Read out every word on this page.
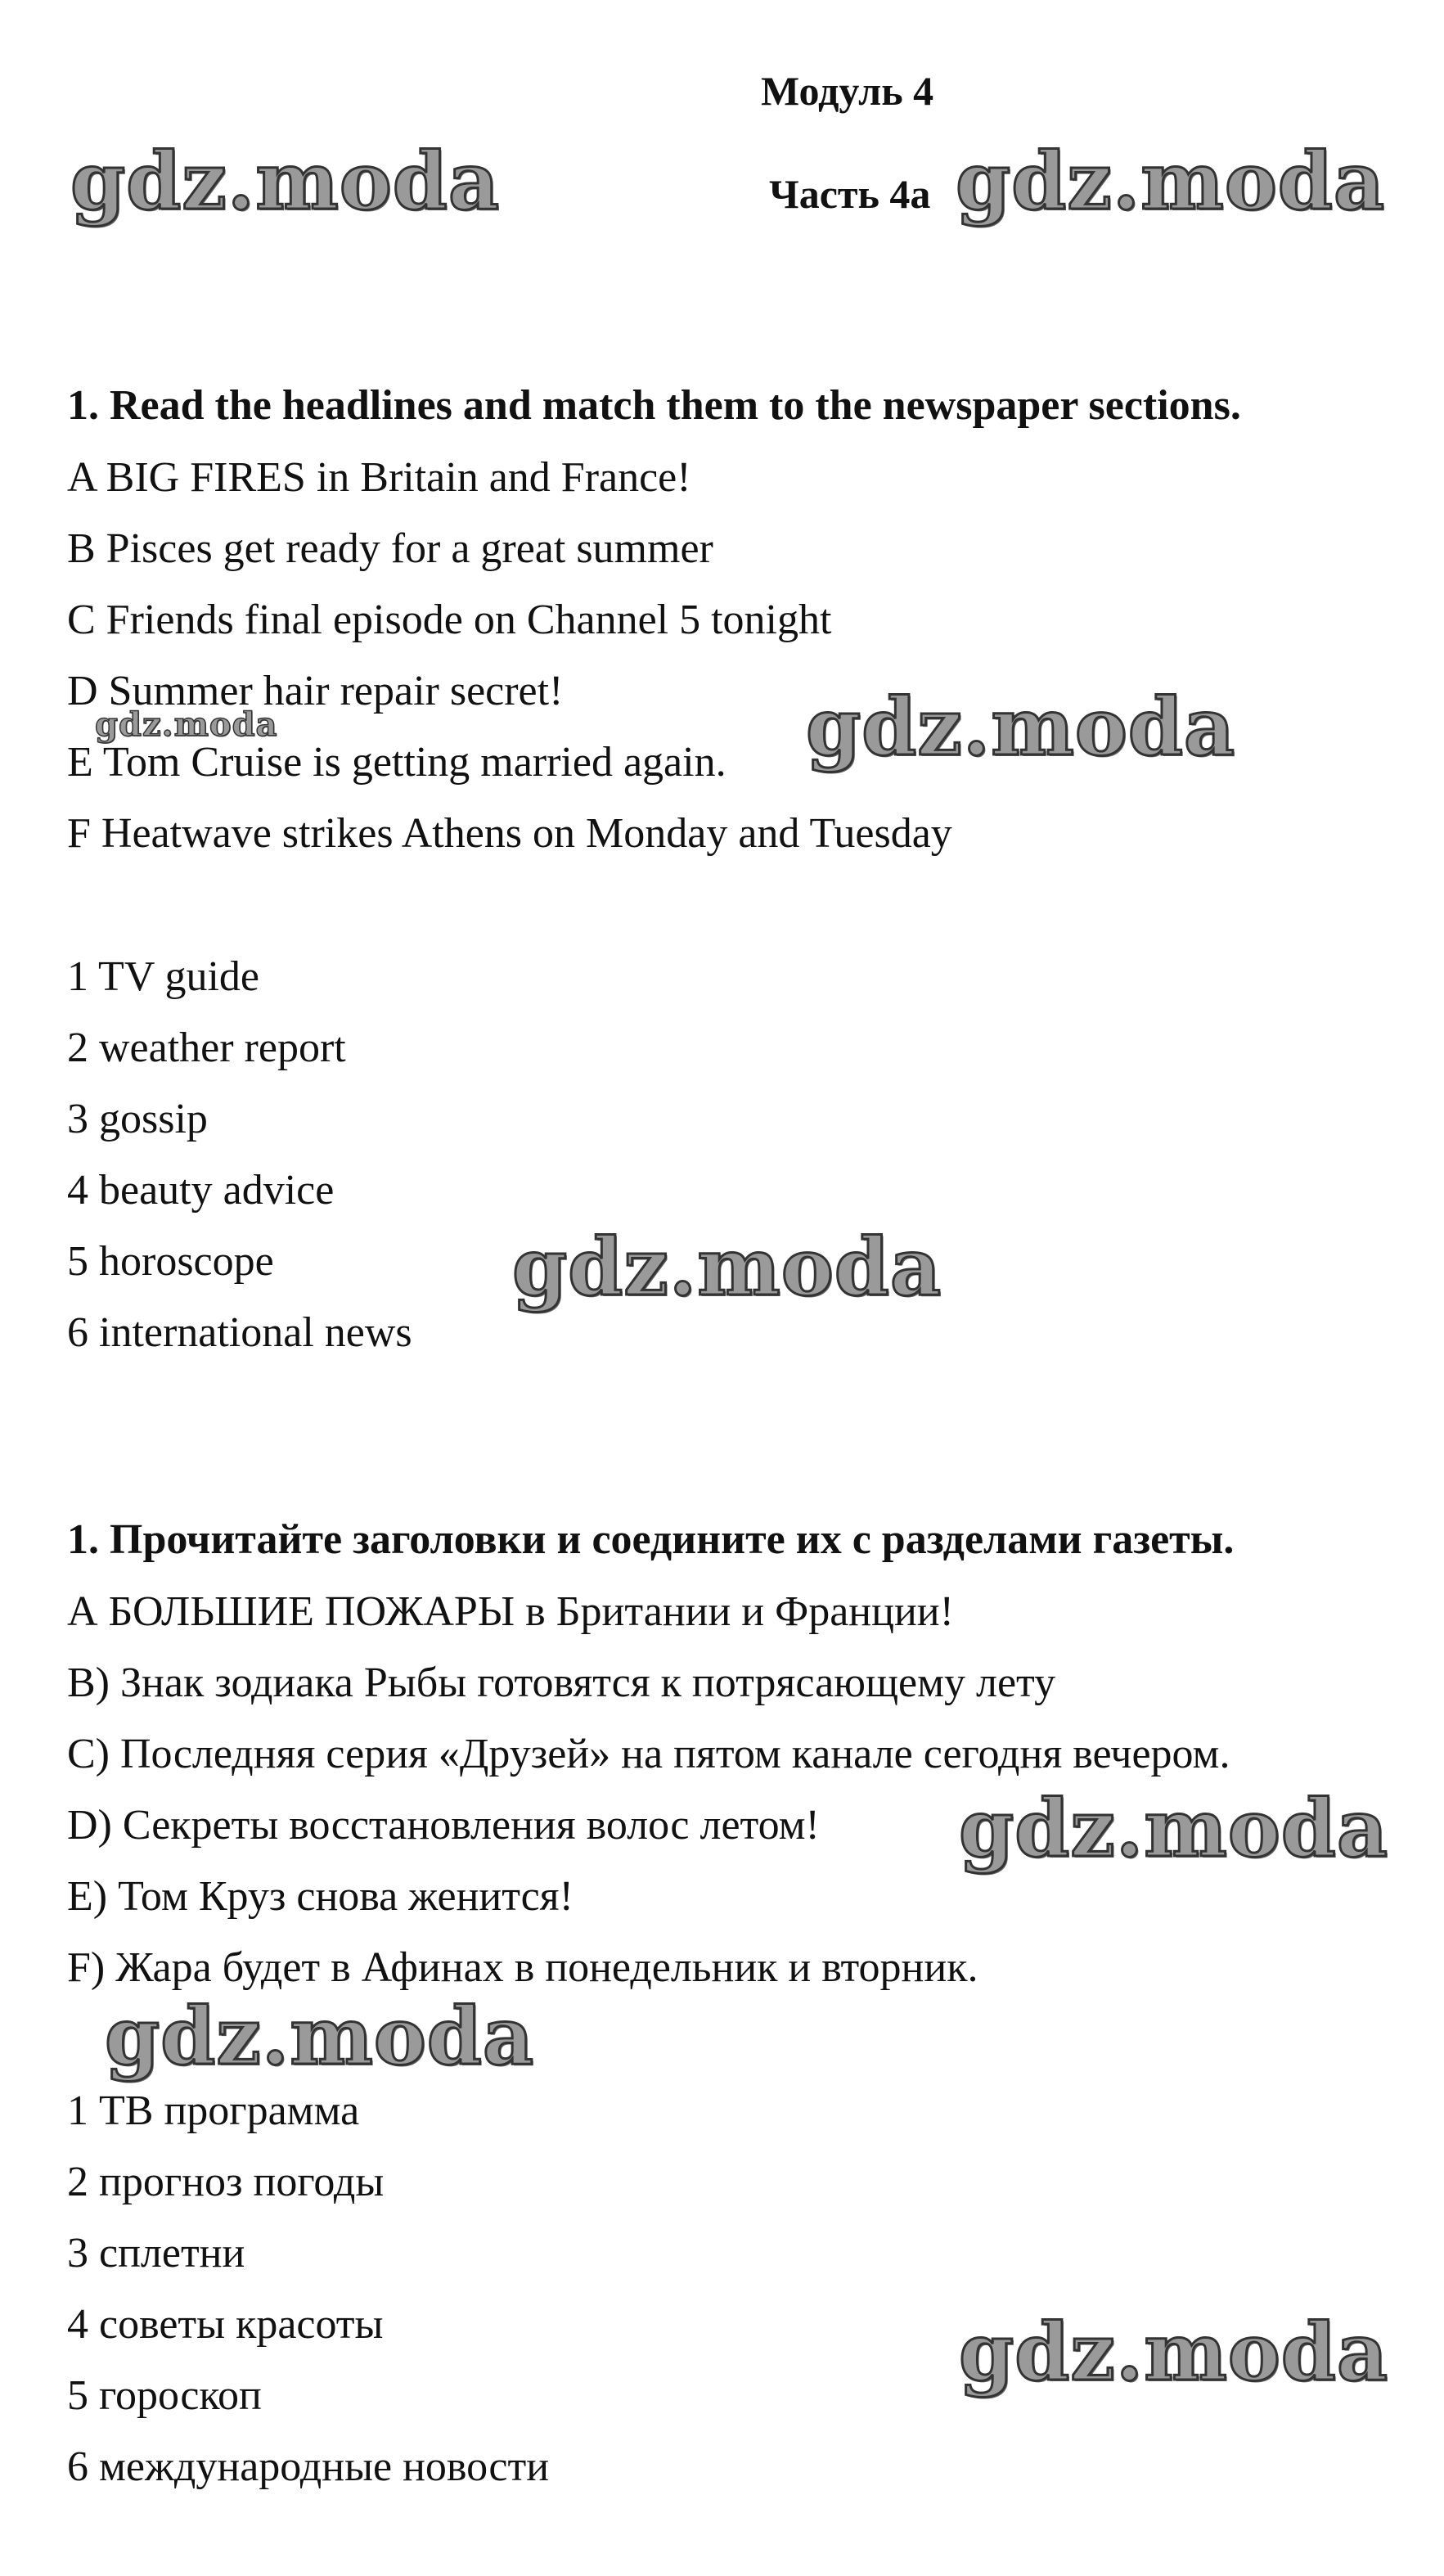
Модуль 4
Часть 4а
1. Read the headlines and match them to the newspaper sections.
A BIG FIRES in Britain and France!
B Pisces get ready for a great summer
C Friends final episode on Channel 5 tonight
D Summer hair repair secret!
E Tom Cruise is getting married again.
F Heatwave strikes Athens on Monday and Tuesday
1 TV guide
2 weather report
3 gossip
4 beauty advice
5 horoscope
6 international news
1. Прочитайте заголовки и соедините их с разделами газеты.
А БОЛЬШИЕ ПОЖАРЫ в Британии и Франции!
B) Знак зодиака Рыбы готовятся к потрясающему лету
C) Последняя серия «Друзей» на пятом канале сегодня вечером.
D) Секреты восстановления волос летом!
E) Том Круз снова женится!
F) Жара будет в Афинах в понедельник и вторник.
1 ТВ программа
2 прогноз погоды
3 сплетни
4 советы красоты
5 гороскоп
6 международные новости
gdz.moda	gdz.moda
gdz.moda	gdz.moda
gdz.moda
gdz.moda
gdz.moda
gdz.moda
